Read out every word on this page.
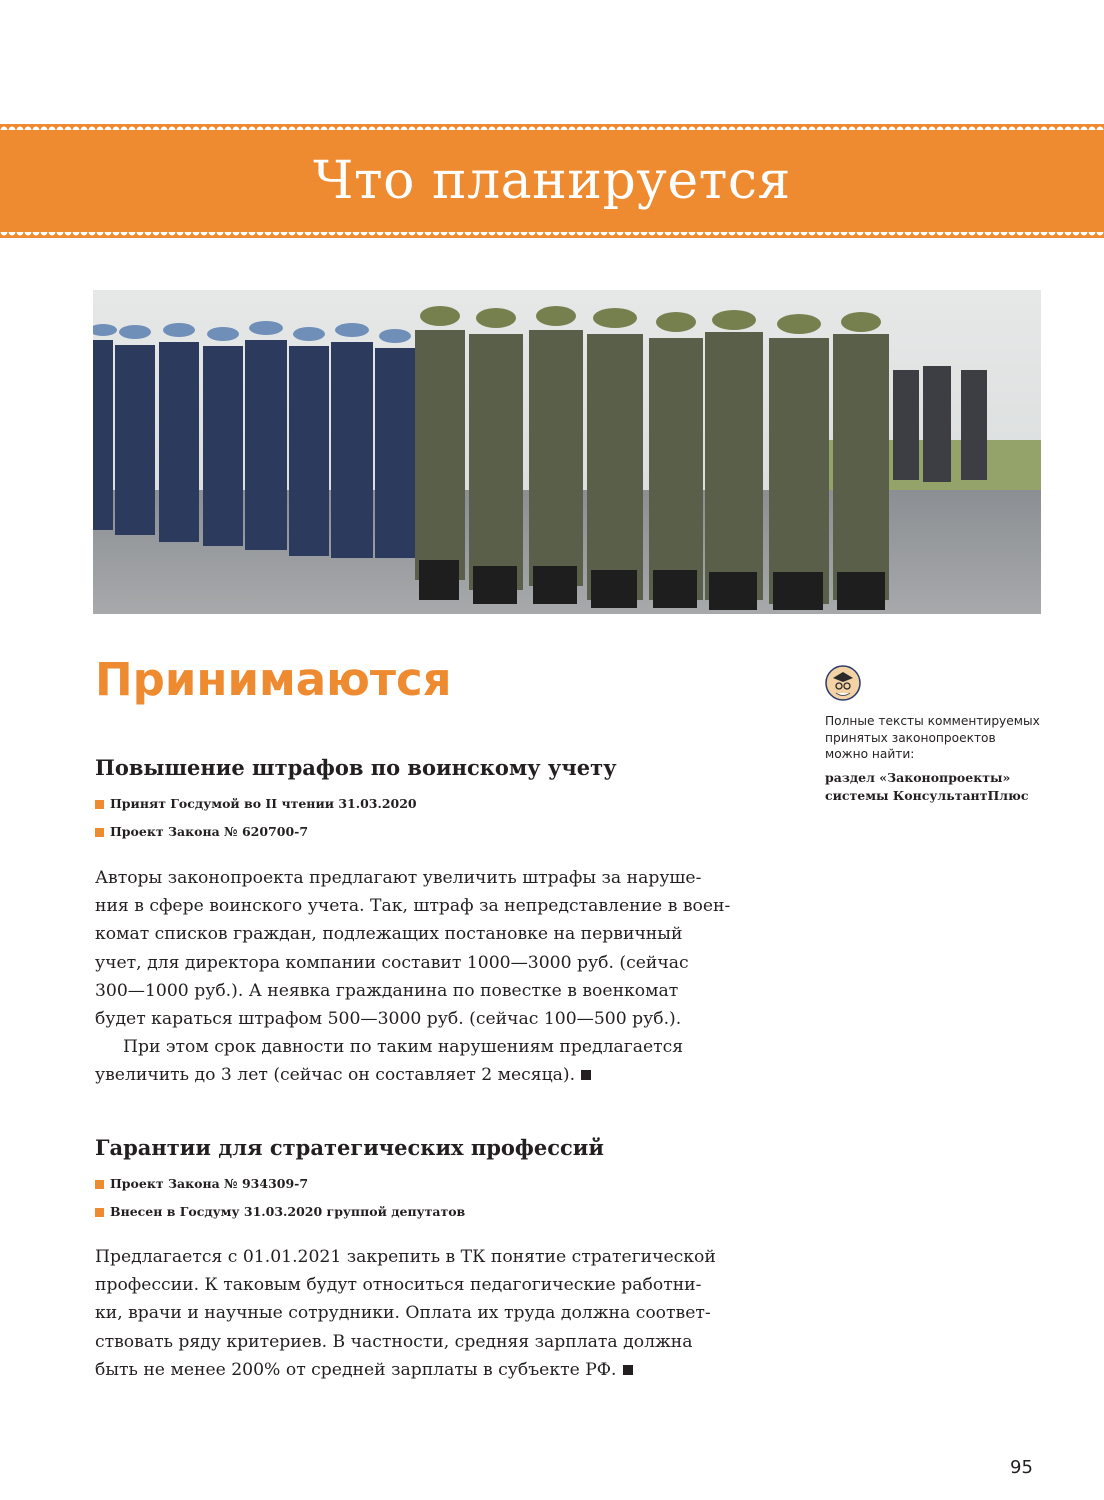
Что планируется
Принимаются
Повышение штрафов по воинскому учету
Принят Госдумой во II чтении 31.03.2020
Проект Закона № 620700-7

Авторы законопроекта предлагают увеличить штрафы за наруше-
ния в сфере воинского учета. Так, штраф за непредставление в воен-
комат списков граждан, подлежащих постановке на первичный
учет, для директора компании составит 1000—3000 руб. (сейчас
300—1000 руб.). А неявка гражданина по повестке в военкомат
будет караться штрафом 500—3000 руб. (сейчас 100—500 руб.).
При этом срок давности по таким нарушениям предлагается
увеличить до 3 лет (сейчас он составляет 2 месяца).

Гарантии для стратегических профессий
Проект Закона № 934309-7
Внесен в Госдуму 31.03.2020 группой депутатов

Предлагается с 01.01.2021 закрепить в ТК понятие стратегической
профессии. К таковым будут относиться педагогические работни-
ки, врачи и научные сотрудники. Оплата их труда должна соответ-
ствовать ряду критериев. В частности, средняя зарплата должна
быть не менее 200% от средней зарплаты в субъекте РФ.

Полные тексты комментируемых
принятых законопроектов
можно найти:

раздел «Законопроекты»
системы КонсультантПлюс

95
